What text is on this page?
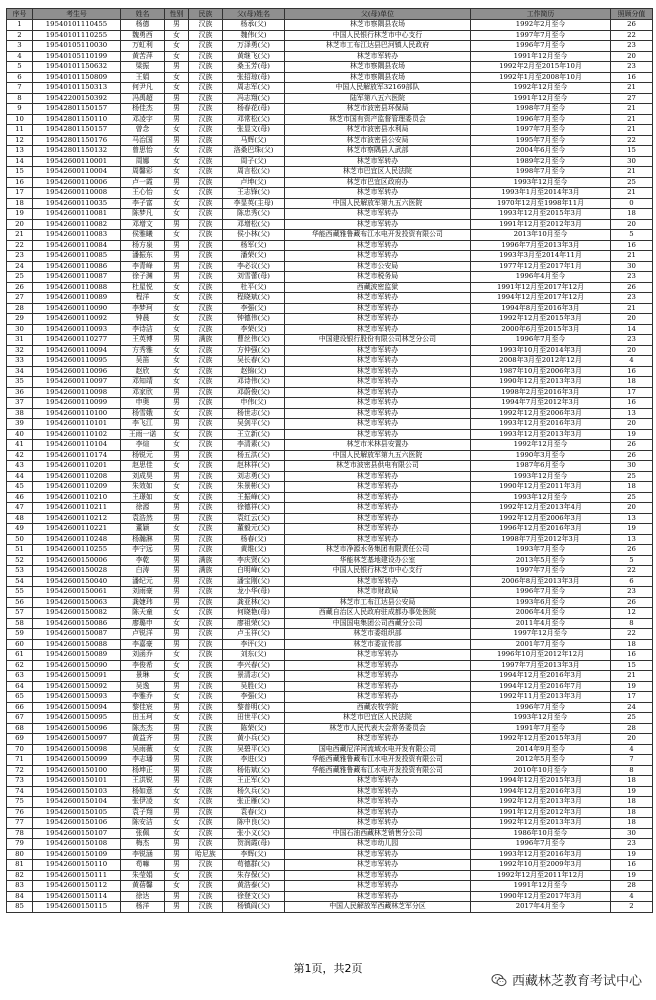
序号	考生号	姓名	性别	民族	父(母)姓名	父(母)单位	工作简历	照顾分值
1	19540101110455	杨德	男	汉族	杨承(父)	林芝市察隅县农场	1992年2月至今	26
2	19540101110255	魏勇西	女	汉族	魏伟(父)	中国人民银行林芝市中心支行	1997年7月至今	22
3	19540105110030	万虹利	女	汉族	万泽勇(父)	林芝市工布江达县巴河镇人民政府	1996年7月至今	23
4	19540105110199	黄苦萍	女	汉族	黄继飞(父)	林芝市军转办	1991年12月至今	20
5	19540101150632	梁振	男	汉族	桑玉芳(母)	林芝市察隅县农场	1992年2月至2015年10月	23
6	19540101150809	王娟	女	汉族	张招琼(母)	林芝市察隅县农场	1992年1月至2008年10月	16
7	19540101150313	何尹凡	女	汉族	周志军(父)	中国人民解放军32169部队	1992年12月至今	21
8	19542200150392	冯禹超	男	汉族	冯志翔(父)	陆军第八五六医院	1991年12月至今	27
9	19542801150157	杨佳杰	男	汉族	杨春花(母)	林芝市波密县环保局	1998年7月至今	21
10	19542801150110	邓凌宇	男	汉族	邓常松(父)	林芝市国有资产监督管理委员会	1996年7月至今	21
11	19542801150157	曾念	女	汉族	张显文(母)	林芝市波密县水利局	1997年7月至今	21
12	19542801150176	马治国	男	汉族	马辉(父)	林芝市波密县公安局	1995年7月至今	22
13	19542801150132	曾思怡	女	汉族	洛桑巴珠(父)	林芝市察隅县人武部	2004年6月至今	15
14	19542600110001	周娜	女	汉族	周子(父)	林芝市军转办	1989年2月至今	30
15	19542600110004	周馨彩	女	汉族	周言松(父)	林芝市巴宜区人民法院	1998年7月至今	21
16	19542600110006	卢一霞	男	汉族	卢坤(父)	林芝市巴宜区政府办	1993年12月至今	25
17	19542600110008	王心怡	女	汉族	王志锋(父)	林芝市军转办	1993年1月至2014年3月	21
18	19542600110035	李子富	女	汉族	李显英(主母)	中国人民解放军第九五六医院	1970年12月至1998年11月	0
19	19542600110081	陈梦凡	女	汉族	陈忠秀(父)	林芝市军转办	1993年12月至2015年3月	18
20	19542600110082	邓增文	男	汉族	邓增松(父)	林芝市军转办	1991年12月至2012年3月	20
21	19542600110083	侯雅曦	女	汉族	侯小林(父)	华能西藏雅鲁藏布江水电开发投资有限公司	2013年10月至今	5
22	19542600110084	杨方泉	男	汉族	杨军(父)	林芝市军转办	1996年7月至2013年3月	16
23	19542600110085	潘振东	男	汉族	潘荣(父)	林芝市军转办	1993年3月至2014年11月	21
24	19542600110086	李青峰	男	汉族	李必议(父)	林芝市公安局	1977年12月至2017年1月	30
25	19542600110087	徐子渊	男	汉族	刘雪蕾(母)	林芝市税务局	1996年4月至今	23
26	19542600110088	杜星悦	女	汉族	杜平(父)	西藏波密监狱	1991年12月至2017年12月	26
27	19542600110089	程洋	女	汉族	程晓斌(父)	林芝市军转办	1994年12月至2017年12月	23
28	19542600110090	李梦珂	女	汉族	李强(父)	林芝市军转办	1994年8月至2016年3月	21
29	19542600110092	钟晨	女	汉族	钟德伟(父)	林芝市军转办	1992年12月至2015年3月	20
30	19542600110093	李诗洁	女	汉族	李荣(父)	林芝市军转办	2000年6月至2015年3月	14
31	19542600110277	王英博	男	满族	曹丝伟(父)	中国建设银行股份有限公司林芝分公司	1996年7月至今	23
32	19542600110094	方秀雅	女	汉族	方仲强(父)	林芝市军转办	1993年10月至2014年3月	20
33	19542600110095	吴笛	女	汉族	吴长春(父)	林芝市军转办	2008年3月至2012年12月	4
34	19542600110096	赵欣	女	汉族	赵锦(父)	林芝市军转办	1987年10月至2006年3月	16
35	19542600110097	邓知靖	女	汉族	邓诗伟(父)	林芝市军转办	1990年12月至2013年3月	18
36	19542600110098	邓家欣	男	汉族	邓蔚俊(父)	林芝市军转办	1998年2月至2016年3月	17
37	19542600110099	申奥	男	汉族	申伟(父)	林芝市军转办	1994年7月至2012年3月	16
38	19542600110100	杨雪娥	女	汉族	杨世志(父)	林芝市军转办	1992年12月至2006年3月	13
39	19542600110101	李飞江	男	汉族	吴剑平(父)	林芝市军转办	1993年12月至2016年3月	20
40	19542600110102	王雨一诺	女	汉族	王立新(父)	林芝市军转办	1993年12月至2013年3月	19
41	19542600110104	李煊	女	汉族	李清素(父)	林芝市米林县安置办	1992年12月至今	26
42	19542600110174	杨锐元	男	汉族	杨五洪(父)	中国人民解放军第九五六医院	1990年3月至今	26
43	19542600110201	赵思佳	女	汉族	赵林祥(父)	林芝市波密县供电有限公司	1987年6月至今	30
44	19542600110208	刘成昊	男	汉族	刘志勇(父)	林芝市军转办	1993年12月至今	25
45	19542600110209	朱效如	女	汉族	朱景彬(父)	林芝市军转办	1990年12月至2011年3月	18
46	19542600110210	王璟如	女	汉族	王振峰(父)	林芝市军转办	1993年12月至今	25
47	19542600110211	徐源	男	汉族	徐德祥(父)	林芝市军转办	1992年12月至2013年4月	20
48	19542600110212	袁浩然	男	汉族	袁红云(父)	林芝市军转办	1992年12月至2006年3月	13
49	19542600110221	董颖	女	汉族	董毅元(父)	林芝市军转办	1996年12月至2016年3月	19
50	19542600110248	杨瀚淋	男	汉族	杨春(父)	林芝市军转办	1998年7月至2012年3月	13
51	19542600110255	李宁远	男	汉族	黄维(父)	林芝市净源水务集团有限责任公司	1993年7月至今	26
52	19542600150006	李乾	男	满族	李庆贤(父)	华能林芝基地建设办公室	2013年5月至今	5
53	19542600150028	白涛	男	满族	白明峰(父)	中国人民银行林芝市中心支行	1997年7月至今	22
54	19542600150040	潘纪元	男	汉族	潘宝刚(父)	林芝市军转办	2006年8月至2013年3月	6
55	19542600150061	刘雨豪	男	汉族	龙小华(母)	林芝市财政局	1996年7月至今	23
56	19542600150063	龚婕玮	男	汉族	龚亚林(父)	林芝市工布江达县公安局	1993年6月至今	26
57	19542600150082	陈天童	女	汉族	何晓艳(母)	西藏自治区人民政府驻成都办事处医院	2006年4月至今	12
58	19542600150086	廖璐申	女	汉族	廖祖荣(父)	中国国电集团公司西藏分公司	2011年4月至今	8
59	19542600150087	卢锐洋	男	汉族	卢玉祥(父)	林芝市委组织部	1997年12月至今	22
60	19542600150088	李嘉豪	男	汉族	李评(父)	林芝市委宣传部	2001年7月至今	18
61	19542600150089	刘函乔	女	汉族	刘东(父)	林芝市军转办	1996年10月至2012年12月	16
62	19542600150090	李俊希	女	汉族	李兴春(父)	林芝市军转办	1997年7月至2013年3月	15
63	19542600150091	景琳	女	汉族	景清志(父)	林芝市军转办	1994年12月至2016年3月	21
64	19542600150092	吴逸	男	汉族	吴胜(父)	林芝市军转办	1994年12月至2016年7月	19
65	19542600150093	李雅乔	女	汉族	李强(父)	林芝市军转办	1992年11月至2013年3月	17
66	19542600150094	黎佳宸	男	汉族	黎普明(父)	西藏农牧学院	1996年7月至今	24
67	19542600150095	田玉珂	女	汉族	田世平(父)	林芝市巴宜区人民法院	1993年12月至今	25
68	19542600150096	陈杰杰	男	汉族	陈荣(父)	林芝市人民代表大会常务委员会	1991年7月至今	28
69	19542600150097	黄益齐	男	汉族	黄小兵(父)	林芝市军转办	1992年12月至2015年3月	20
70	19542600150098	吴雨薇	女	汉族	吴碧平(父)	国电西藏尼洋河流域水电开发有限公司	2014年9月至今	4
71	19542600150099	李志璠	男	汉族	李进(父)	华能西藏雅鲁藏布江水电开发投资有限公司	2012年5月至今	7
72	19542600150100	杨坤正	男	汉族	杨佑斌(父)	华能西藏雅鲁藏布江水电开发投资有限公司	2010年10月至今	8
73	19542600150101	王洪锐	男	汉族	王正军(父)	林芝市军转办	1994年12月至2015年3月	18
74	19542600150103	杨如意	女	汉族	杨久兵(父)	林芝市军转办	1994年12月至2016年3月	19
75	19542600150104	张伊凌	女	汉族	张正雁(父)	林芝市军转办	1992年12月至2013年3月	18
76	19542600150105	袁子翔	男	汉族	袁春(父)	林芝市军转办	1991年12月至2012年3月	18
77	19542600150106	陈安洁	女	汉族	陈中良(父)	林芝市军转办	1992年12月至2013年3月	18
78	19542600150107	张佩	女	汉族	张小义(父)	中国石油西藏林芝销售分公司	1986年10月至今	30
79	19542600150108	梅杰	男	汉族	贺润霞(母)	林芝市幼儿园	1996年7月至今	23
80	19542600150109	李锐涵	男	哈尼族	李辉(父)	林芝市军转办	1993年12月至2016年3月	19
81	19542600150110	苟嘛	男	汉族	苟德群(父)	林芝市军转办	1992年10月至2009年3月	16
82	19542600150111	朱莹娟	女	汉族	朱存保(父)	林芝市军转办	1992年12月至2011年12月	19
83	19542600150112	黄蓓馨	女	汉族	黄浩泰(父)	林芝市军转办	1991年12月至今	28
84	19542600150114	徐达	男	汉族	徐登文(父)	林芝市军转办	1990年12月至2017年3月	4
85	19542600150115	杨洋	男	汉族	杨镇阎(父)	中国人民解放军西藏林芝军分区	2017年4月至今	2
第1页，共2页
西藏林芝教育考试中心
